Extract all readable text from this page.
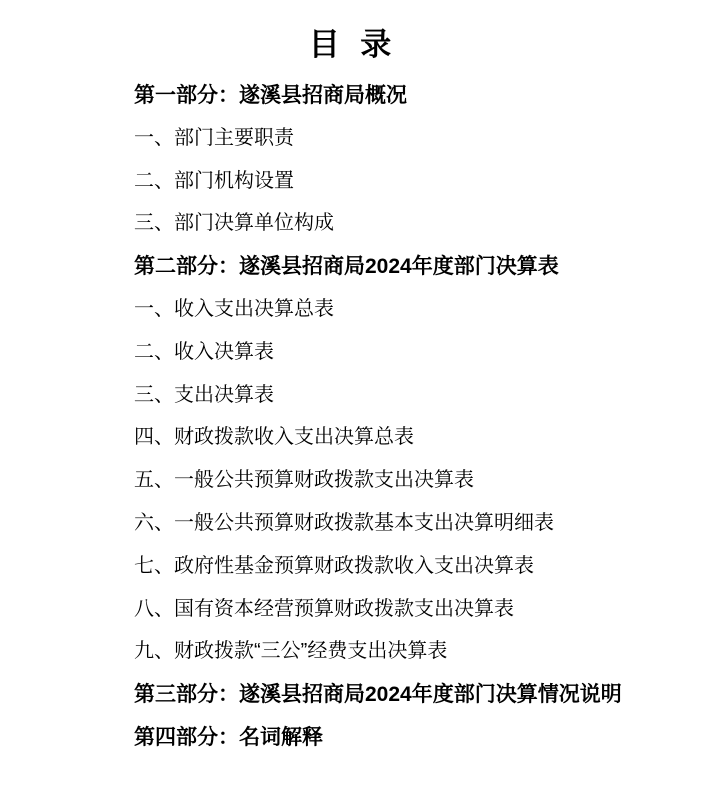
目 录
第一部分：遂溪县招商局概况
一、部门主要职责
二、部门机构设置
三、部门决算单位构成
第二部分：遂溪县招商局2024年度部门决算表
一、收入支出决算总表
二、收入决算表
三、支出决算表
四、财政拨款收入支出决算总表
五、一般公共预算财政拨款支出决算表
六、一般公共预算财政拨款基本支出决算明细表
七、政府性基金预算财政拨款收入支出决算表
八、国有资本经营预算财政拨款支出决算表
九、财政拨款“三公”经费支出决算表
第三部分：遂溪县招商局2024年度部门决算情况说明
第四部分：名词解释
